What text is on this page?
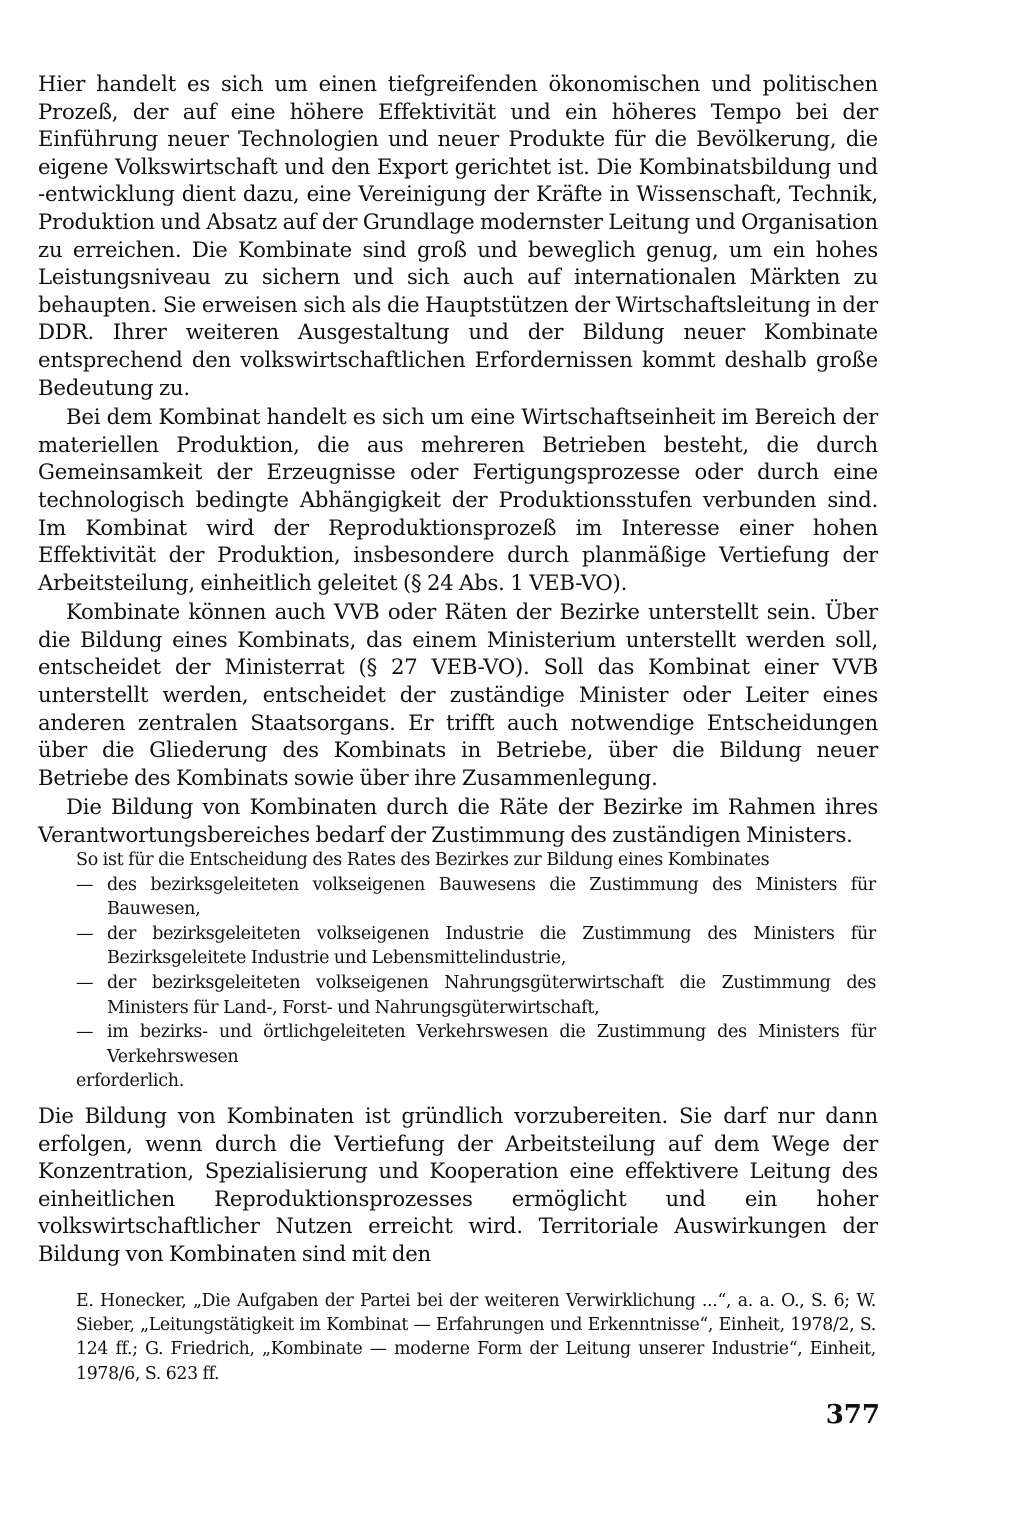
Hier handelt es sich um einen tiefgreifenden ökonomischen und politischen Prozeß, der auf eine höhere Effektivität und ein höheres Tempo bei der Einführung neuer Technologien und neuer Produkte für die Bevölkerung, die eigene Volkswirtschaft und den Export gerichtet ist. Die Kombinatsbildung und -entwicklung dient dazu, eine Vereinigung der Kräfte in Wissenschaft, Technik, Produktion und Absatz auf der Grundlage modernster Leitung und Organisation zu erreichen. Die Kombinate sind groß und beweglich genug, um ein hohes Leistungsniveau zu sichern und sich auch auf internationalen Märkten zu behaupten. Sie erweisen sich als die Hauptstützen der Wirtschaftsleitung in der DDR. Ihrer weiteren Ausgestaltung und der Bildung neuer Kombinate entsprechend den volkswirtschaftlichen Erfordernissen kommt deshalb große Bedeutung zu.

Bei dem Kombinat handelt es sich um eine Wirtschaftseinheit im Bereich der materiellen Produktion, die aus mehreren Betrieben besteht, die durch Gemeinsamkeit der Erzeugnisse oder Fertigungsprozesse oder durch eine technologisch bedingte Abhängigkeit der Produktionsstufen verbunden sind. Im Kombinat wird der Reproduktionsprozeß im Interesse einer hohen Effektivität der Produktion, insbesondere durch planmäßige Vertiefung der Arbeitsteilung, einheitlich geleitet (§ 24 Abs. 1 VEB-VO).

Kombinate können auch VVB oder Räten der Bezirke unterstellt sein. Über die Bildung eines Kombinats, das einem Ministerium unterstellt werden soll, entscheidet der Ministerrat (§ 27 VEB-VO). Soll das Kombinat einer VVB unterstellt werden, entscheidet der zuständige Minister oder Leiter eines anderen zentralen Staatsorgans. Er trifft auch notwendige Entscheidungen über die Gliederung des Kombinats in Betriebe, über die Bildung neuer Betriebe des Kombinats sowie über ihre Zusammenlegung.

Die Bildung von Kombinaten durch die Räte der Bezirke im Rahmen ihres Verantwortungsbereiches bedarf der Zustimmung des zuständigen Ministers.

So ist für die Entscheidung des Rates des Bezirkes zur Bildung eines Kombinates

— des bezirksgeleiteten volkseigenen Bauwesens die Zustimmung des Ministers für Bauwesen,
— der bezirksgeleiteten volkseigenen Industrie die Zustimmung des Ministers für Bezirksgeleitete Industrie und Lebensmittelindustrie,
— der bezirksgeleiteten volkseigenen Nahrungsgüterwirtschaft die Zustimmung des Ministers für Land-, Forst- und Nahrungsgüterwirtschaft,
— im bezirks- und örtlichgeleiteten Verkehrswesen die Zustimmung des Ministers für Verkehrswesen

erforderlich.

Die Bildung von Kombinaten ist gründlich vorzubereiten. Sie darf nur dann erfolgen, wenn durch die Vertiefung der Arbeitsteilung auf dem Wege der Konzentration, Spezialisierung und Kooperation eine effektivere Leitung des einheitlichen Reproduktionsprozesses ermöglicht und ein hoher volkswirtschaftlicher Nutzen erreicht wird. Territoriale Auswirkungen der Bildung von Kombinaten sind mit den

E. Honecker, „Die Aufgaben der Partei bei der weiteren Verwirklichung ...“, a. a. O., S. 6; W. Sieber, „Leitungstätigkeit im Kombinat — Erfahrungen und Erkenntnisse“, Einheit, 1978/2, S. 124 ff.; G. Friedrich, „Kombinate — moderne Form der Leitung unserer Industrie“, Einheit, 1978/6, S. 623 ff.

377
